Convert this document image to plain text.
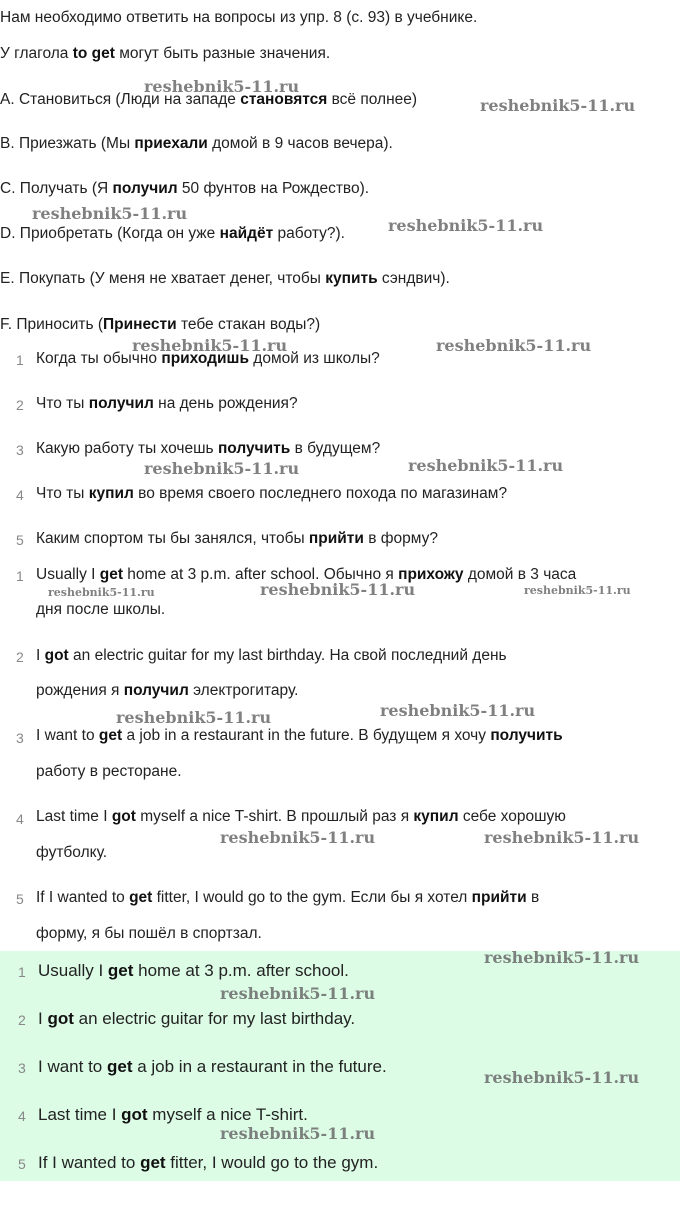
Нам необходимо ответить на вопросы из упр. 8 (с. 93) в учебнике.
У глагола to get могут быть разные значения.
A. Становиться (Люди на западе становятся всё полнее)
B. Приезжать (Мы приехали домой в 9 часов вечера).
C. Получать (Я получил 50 фунтов на Рождество).
D. Приобретать (Когда он уже найдёт работу?).
E. Покупать (У меня не хватает денег, чтобы купить сэндвич).
F. Приносить (Принести тебе стакан воды?)
1 Когда ты обычно приходишь домой из школы?
2 Что ты получил на день рождения?
3 Какую работу ты хочешь получить в будущем?
4 Что ты купил во время своего последнего похода по магазинам?
5 Каким спортом ты бы занялся, чтобы прийти в форму?
1 Usually I get home at 3 p.m. after school. Обычно я прихожу домой в 3 часа
дня после школы.
2 I got an electric guitar for my last birthday. На свой последний день
рождения я получил электрогитару.
3 I want to get a job in a restaurant in the future. В будущем я хочу получить
работу в ресторане.
4 Last time I got myself a nice T-shirt. В прошлый раз я купил себе хорошую
футболку.
5 If I wanted to get fitter, I would go to the gym. Если бы я хотел прийти в
форму, я бы пошёл в спортзал.
1 Usually I get home at 3 p.m. after school.
2 I got an electric guitar for my last birthday.
3 I want to get a job in a restaurant in the future.
4 Last time I got myself a nice T-shirt.
5 If I wanted to get fitter, I would go to the gym.
reshebnik5-11.ru
reshebnik5-11.ru
reshebnik5-11.ru
reshebnik5-11.ru
reshebnik5-11.ru	reshebnik5-11.ru
reshebnik5-11.ru	reshebnik5-11.ru
reshebnik5-11.ru	reshebnik5-11.ru	reshebnik5-11.ru
reshebnik5-11.ru	reshebnik5-11.ru
reshebnik5-11.ru	reshebnik5-11.ru
reshebnik5-11.ru
reshebnik5-11.ru
reshebnik5-11.ru
reshebnik5-11.ru
